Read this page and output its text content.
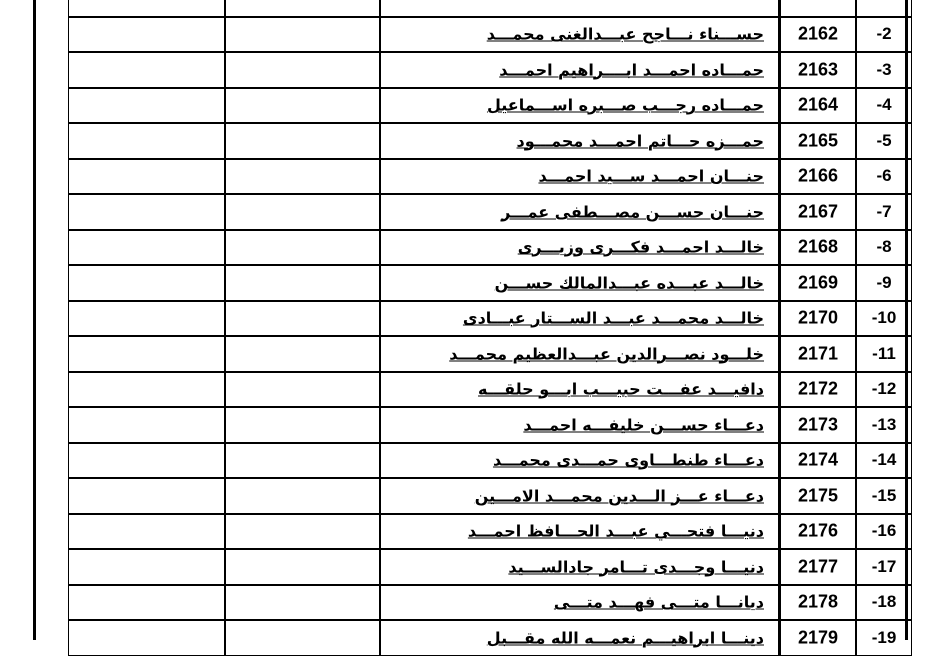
حســـناء نـــاجح عبـــدالغنى محمـــد	2162	-2
حمـــاده احمـــد ابــــراهيم احمـــد	2163	-3
حمـــاده رجـــب صـــبره اســـماعيل	2164	-4
حمـــزه حـــاتم احمـــد محمـــود	2165	-5
حنـــان احمـــد ســـيد احمـــد	2166	-6
حنـــان حســـن مصـــطفى عمـــر	2167	-7
خالـــد احمـــد فكـــرى وزيـــرى	2168	-8
خالـــد عبـــده عبـــدالمالك حســـن	2169	-9
خالـــد محمـــد عبـــد الســـتار عبـــادى	2170	-10
خلـــود نصـــرالدين عبـــدالعظيم محمـــد	2171	-11
دافيـــد عفـــت حبيـــب ابـــو حلقـــه	2172	-12
دعـــاء حســـن خليفـــه احمـــد	2173	-13
دعـــاء طنطـــاوى حمـــدى محمـــد	2174	-14
دعـــاء عـــز الـــدين محمـــد الامـــين	2175	-15
دنيـــا فتحـــي عبـــد الحـــافظ احمـــد	2176	-16
دنيـــا وجـــدى تـــامر جادالســـيد	2177	-17
ديانـــا متـــى فهـــد متـــى	2178	-18
دينـــا ابراهيـــم نعمـــه الله مقـــبل	2179	-19
